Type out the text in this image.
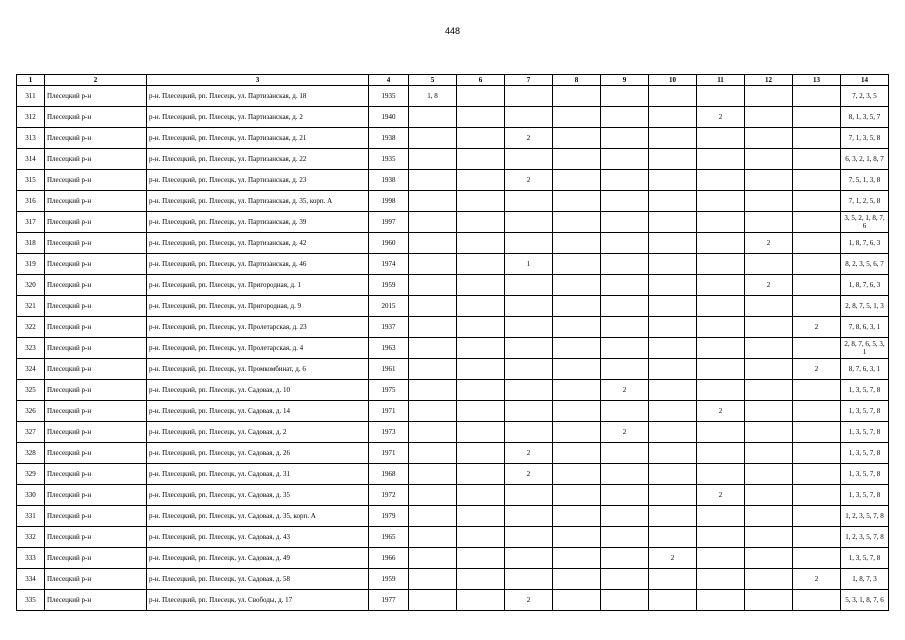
448
1	2	3	4	5	6	7	8	9	10	11	12	13	14
311	Плесецкий р-н	р-н. Плесецкий, рп. Плесецк, ул. Партизанская, д. 18	1935	1, 8									7, 2, 3, 5
312	Плесецкий р-н	р-н. Плесецкий, рп. Плесецк, ул. Партизанская, д. 2	1940							2			8, 1, 3, 5, 7
313	Плесецкий р-н	р-н. Плесецкий, рп. Плесецк, ул. Партизанская, д. 21	1938			2							7, 1, 3, 5, 8
314	Плесецкий р-н	р-н. Плесецкий, рп. Плесецк, ул. Партизанская, д. 22	1935										6, 3, 2, 1, 8, 7
315	Плесецкий р-н	р-н. Плесецкий, рп. Плесецк, ул. Партизанская, д. 23	1938			2							7, 5, 1, 3, 8
316	Плесецкий р-н	р-н. Плесецкий, рп. Плесецк, ул. Партизанская, д. 35, корп. А	1998										7, 1, 2, 5, 8
317	Плесецкий р-н	р-н. Плесецкий, рп. Плесецк, ул. Партизанская, д. 39	1997										3, 5, 2, 1, 8, 7, 6
318	Плесецкий р-н	р-н. Плесецкий, рп. Плесецк, ул. Партизанская, д. 42	1960								2		1, 8, 7, 6, 3
319	Плесецкий р-н	р-н. Плесецкий, рп. Плесецк, ул. Партизанская, д. 46	1974			1							8, 2, 3, 5, 6, 7
320	Плесецкий р-н	р-н. Плесецкий, рп. Плесецк, ул. Пригородная, д. 1	1959								2		1, 8, 7, 6, 3
321	Плесецкий р-н	р-н. Плесецкий, рп. Плесецк, ул. Пригородная, д. 9	2015										2, 8, 7, 5, 1, 3
322	Плесецкий р-н	р-н. Плесецкий, рп. Плесецк, ул. Пролетарская, д. 23	1937									2	7, 8, 6, 3, 1
323	Плесецкий р-н	р-н. Плесецкий, рп. Плесецк, ул. Пролетарская, д. 4	1963										2, 8, 7, 6, 5, 3, 1
324	Плесецкий р-н	р-н. Плесецкий, рп. Плесецк, ул. Промкомбинат, д. 6	1961									2	8, 7, 6, 3, 1
325	Плесецкий р-н	р-н. Плесецкий, рп. Плесецк, ул. Садовая, д. 10	1975					2					1, 3, 5, 7, 8
326	Плесецкий р-н	р-н. Плесецкий, рп. Плесецк, ул. Садовая, д. 14	1971							2			1, 3, 5, 7, 8
327	Плесецкий р-н	р-н. Плесецкий, рп. Плесецк, ул. Садовая, д. 2	1973					2					1, 3, 5, 7, 8
328	Плесецкий р-н	р-н. Плесецкий, рп. Плесецк, ул. Садовая, д. 26	1971			2							1, 3, 5, 7, 8
329	Плесецкий р-н	р-н. Плесецкий, рп. Плесецк, ул. Садовая, д. 31	1968			2							1, 3, 5, 7, 8
330	Плесецкий р-н	р-н. Плесецкий, рп. Плесецк, ул. Садовая, д. 35	1972							2			1, 3, 5, 7, 8
331	Плесецкий р-н	р-н. Плесецкий, рп. Плесецк, ул. Садовая, д. 35, корп. А	1979										1, 2, 3, 5, 7, 8
332	Плесецкий р-н	р-н. Плесецкий, рп. Плесецк, ул. Садовая, д. 43	1965										1, 2, 3, 5, 7, 8
333	Плесецкий р-н	р-н. Плесецкий, рп. Плесецк, ул. Садовая, д. 49	1966						2				1, 3, 5, 7, 8
334	Плесецкий р-н	р-н. Плесецкий, рп. Плесецк, ул. Садовая, д. 58	1959									2	1, 8, 7, 3
335	Плесецкий р-н	р-н. Плесецкий, рп. Плесецк, ул. Свободы, д. 17	1977			2							5, 3, 1, 8, 7, 6
